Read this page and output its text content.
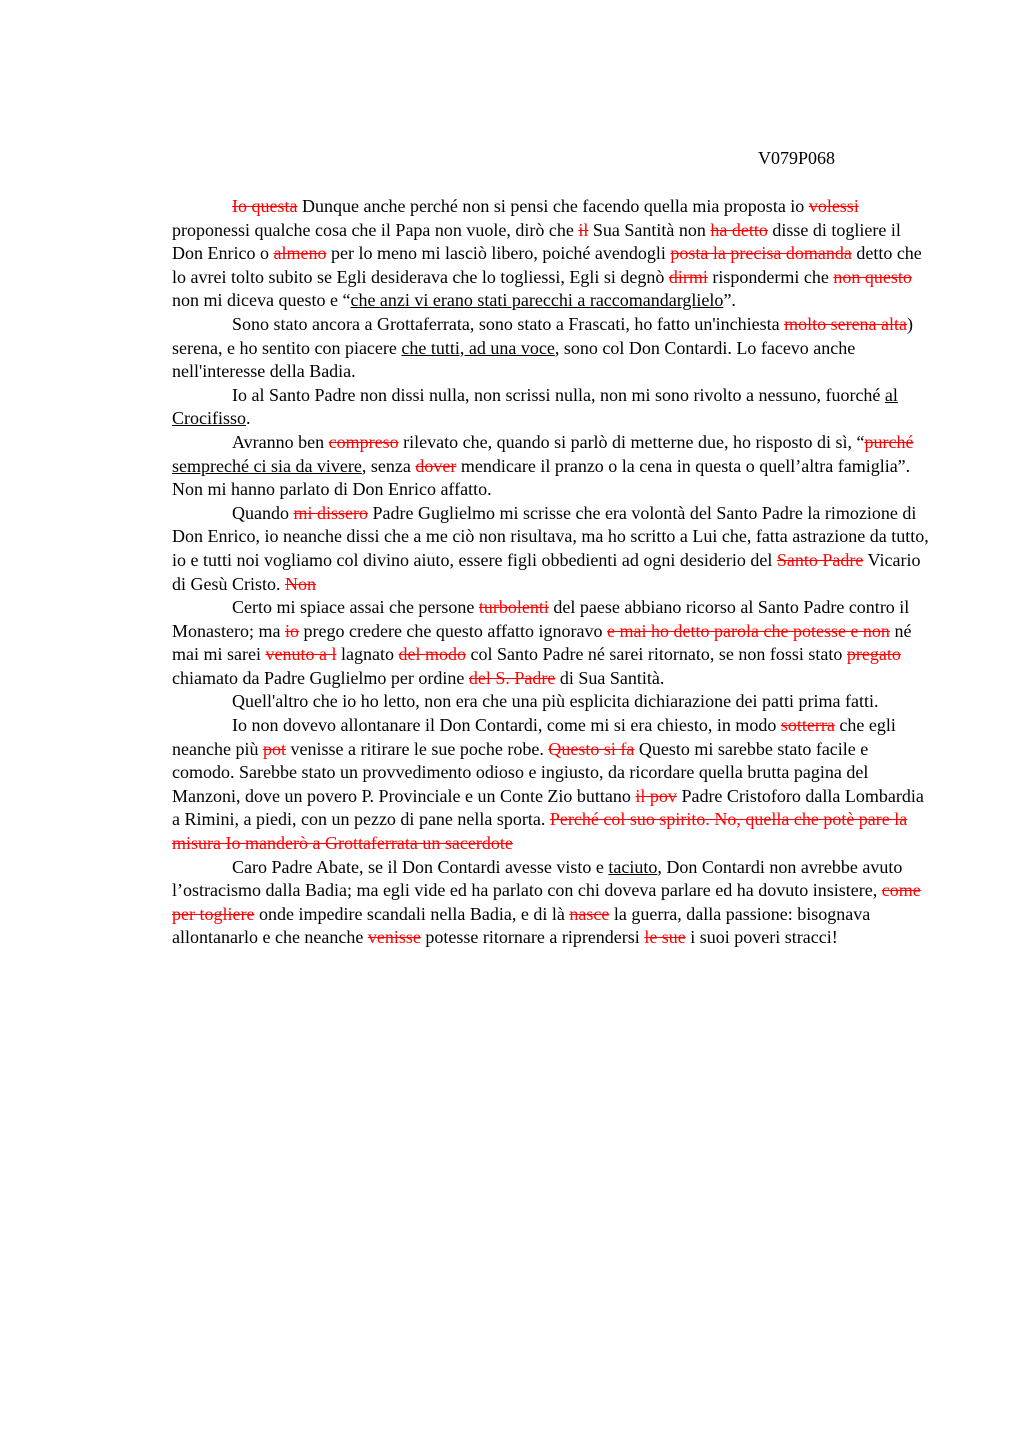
V079P068

Io questa Dunque anche perché non si pensi che facendo quella mia proposta io volessi proponessi qualche cosa che il Papa non vuole, dirò che il Sua Santità non ha detto disse di togliere il Don Enrico o almeno per lo meno mi lasciò libero, poiché avendogli posta la precisa domanda detto che lo avrei tolto subito se Egli desiderava che lo togliessi, Egli si degnò dirmi rispondermi che non questo non mi diceva questo e “che anzi vi erano stati parecchi a raccomandarglielo”.

Sono stato ancora a Grottaferrata, sono stato a Frascati, ho fatto un'inchiesta molto serena alta) serena, e ho sentito con piacere che tutti, ad una voce, sono col Don Contardi. Lo facevo anche nell'interesse della Badia.

Io al Santo Padre non dissi nulla, non scrissi nulla, non mi sono rivolto a nessuno, fuorché al Crocifisso.

Avranno ben compreso rilevato che, quando si parlò di metterne due, ho risposto di sì, “purché sempreché ci sia da vivere, senza dover mendicare il pranzo o la cena in questa o quell’altra famiglia”. Non mi hanno parlato di Don Enrico affatto.

Quando mi dissero Padre Guglielmo mi scrisse che era volontà del Santo Padre la rimozione di Don Enrico, io neanche dissi che a me ciò non risultava, ma ho scritto a Lui che, fatta astrazione da tutto, io e tutti noi vogliamo col divino aiuto, essere figli obbedienti ad ogni desiderio del Santo Padre Vicario di Gesù Cristo. Non

Certo mi spiace assai che persone turbolenti del paese abbiano ricorso al Santo Padre contro il Monastero; ma io prego credere che questo affatto ignoravo e mai ho detto parola che potesse e non né mai mi sarei venuto a l lagnato del modo col Santo Padre né sarei ritornato, se non fossi stato pregato chiamato da Padre Guglielmo per ordine del S. Padre di Sua Santità.

Quell'altro che io ho letto, non era che una più esplicita dichiarazione dei patti prima fatti.

Io non dovevo allontanare il Don Contardi, come mi si era chiesto, in modo sotterra che egli neanche più pot venisse a ritirare le sue poche robe. Questo si fa Questo mi sarebbe stato facile e comodo. Sarebbe stato un provvedimento odioso e ingiusto, da ricordare quella brutta pagina del Manzoni, dove un povero P. Provinciale e un Conte Zio buttano il pov Padre Cristoforo dalla Lombardia a Rimini, a piedi, con un pezzo di pane nella sporta. Perché col suo spirito. No, quella che potè pare la misura Io manderò a Grottaferrata un sacerdote

Caro Padre Abate, se il Don Contardi avesse visto e taciuto, Don Contardi non avrebbe avuto l’ostracismo dalla Badia; ma egli vide ed ha parlato con chi doveva parlare ed ha dovuto insistere, come per togliere onde impedire scandali nella Badia, e di là nasce la guerra, dalla passione: bisognava allontanarlo e che neanche venisse potesse ritornare a riprendersi le sue i suoi poveri stracci!
